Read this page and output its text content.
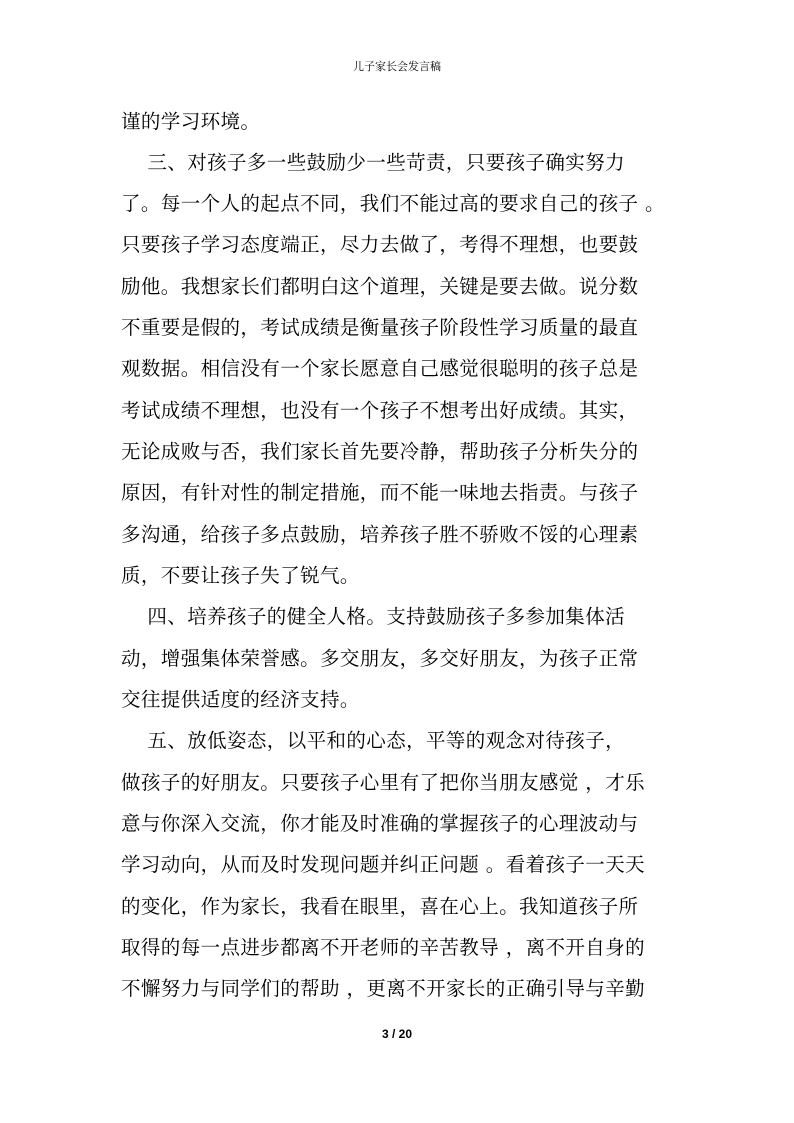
儿子家长会发言稿
谨的学习环境。
三、对孩子多一些鼓励少一些苛责，只要孩子确实努力
了。每一个人的起点不同，我们不能过高的要求自己的孩子 。
只要孩子学习态度端正，尽力去做了，考得不理想，也要鼓
励他。我想家长们都明白这个道理，关键是要去做。说分数
不重要是假的，考试成绩是衡量孩子阶段性学习质量的最直
观数据。相信没有一个家长愿意自己感觉很聪明的孩子总是
考试成绩不理想，也没有一个孩子不想考出好成绩。其实，
无论成败与否，我们家长首先要冷静，帮助孩子分析失分的
原因，有针对性的制定措施，而不能一味地去指责。与孩子
多沟通，给孩子多点鼓励，培养孩子胜不骄败不馁的心理素
质，不要让孩子失了锐气。
四、培养孩子的健全人格。支持鼓励孩子多参加集体活
动，增强集体荣誉感。多交朋友，多交好朋友，为孩子正常
交往提供适度的经济支持。
五、放低姿态，以平和的心态，平等的观念对待孩子，
做孩子的好朋友。只要孩子心里有了把你当朋友感觉 ，才乐
意与你深入交流，你才能及时准确的掌握孩子的心理波动与
学习动向，从而及时发现问题并纠正问题 。看着孩子一天天
的变化，作为家长，我看在眼里，喜在心上。我知道孩子所
取得的每一点进步都离不开老师的辛苦教导 ，离不开自身的
不懈努力与同学们的帮助 ，更离不开家长的正确引导与辛勤
3 / 20
